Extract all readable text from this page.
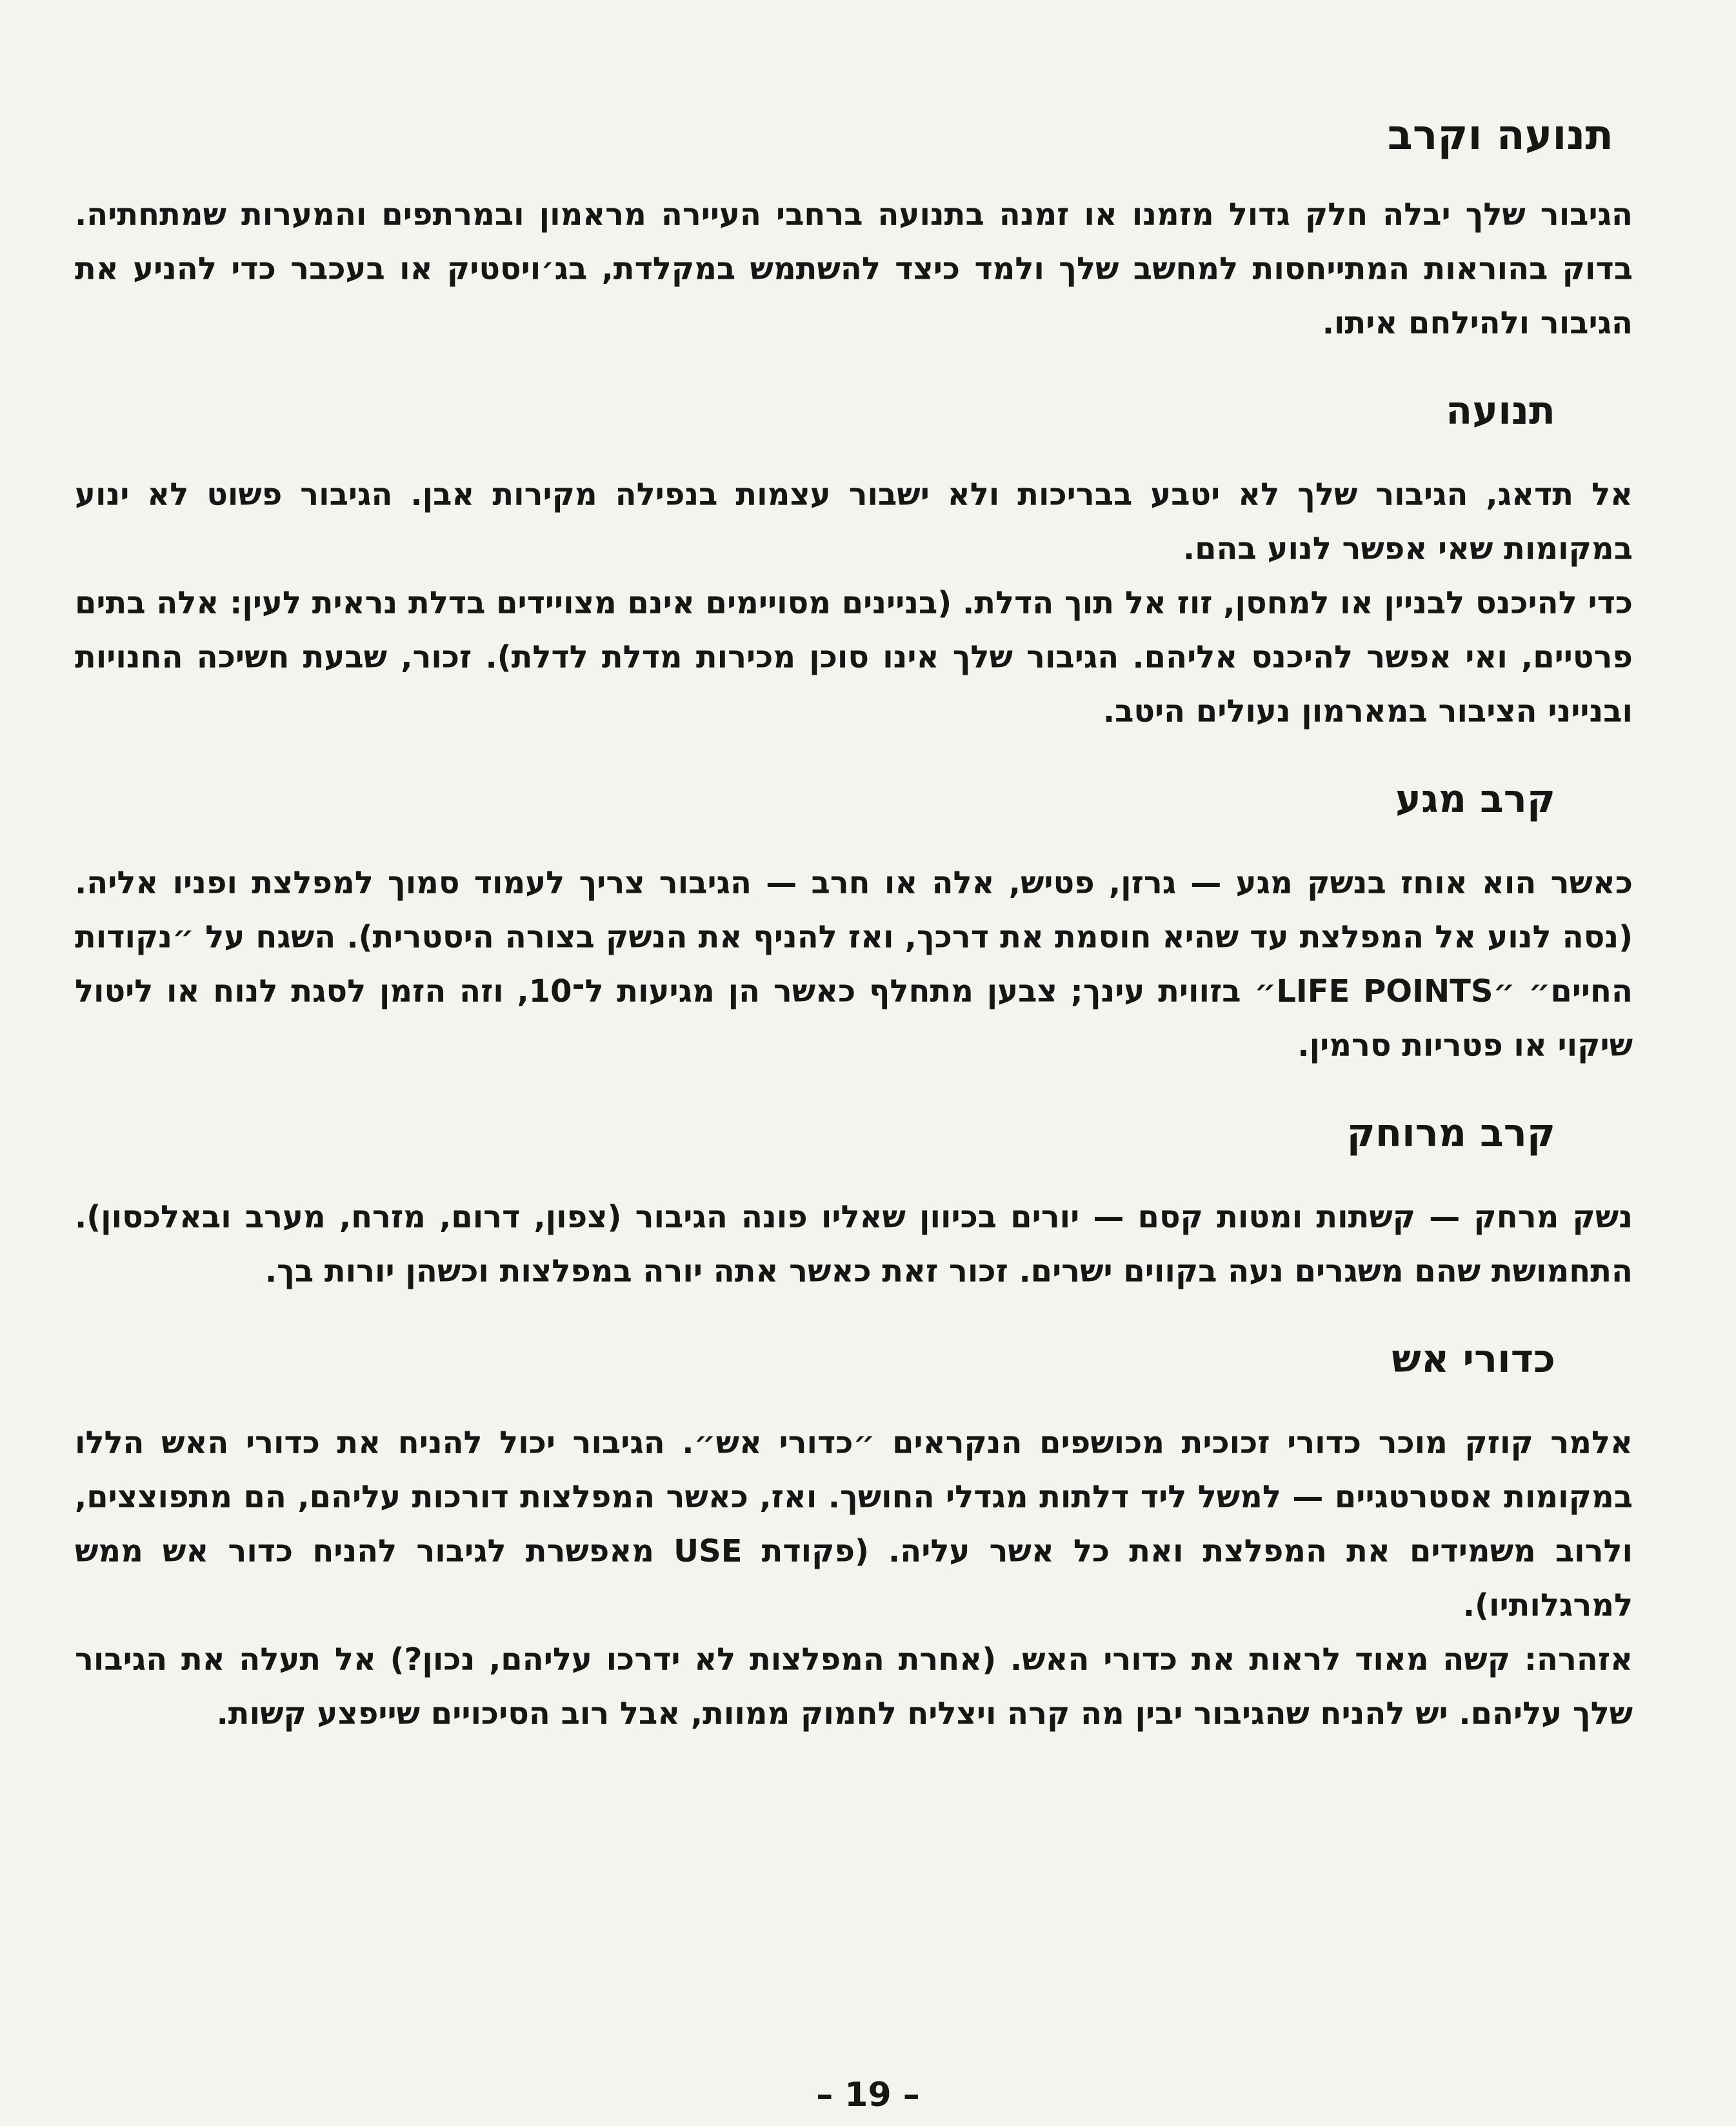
תנועה וקרב

הגיבור שלך יבלה חלק גדול מזמנו או זמנה בתנועה ברחבי העיירה מראמון ובמרתפים והמערות שמתחתיה. בדוק בהוראות המתייחסות למחשב שלך ולמד כיצד להשתמש במקלדת, בג׳ויסטיק או בעכבר כדי להניע את הגיבור ולהילחם איתו.

תנועה

אל תדאג, הגיבור שלך לא יטבע בבריכות ולא ישבור עצמות בנפילה מקירות אבן. הגיבור פשוט לא ינוע במקומות שאי אפשר לנוע בהם.

כדי להיכנס לבניין או למחסן, זוז אל תוך הדלת. (בניינים מסויימים אינם מצויידים בדלת נראית לעין: אלה בתים פרטיים, ואי אפשר להיכנס אליהם. הגיבור שלך אינו סוכן מכירות מדלת לדלת). זכור, שבעת חשיכה החנויות ובנייני הציבור במארמון נעולים היטב.

קרב מגע

כאשר הוא אוחז בנשק מגע — גרזן, פטיש, אלה או חרב — הגיבור צריך לעמוד סמוך למפלצת ופניו אליה. (נסה לנוע אל המפלצת עד שהיא חוסמת את דרכך, ואז להניף את הנשק בצורה היסטרית). השגח על ״נקודות החיים״ ״LIFE POINTS״ בזווית עינך; צבען מתחלף כאשר הן מגיעות ל־10, וזה הזמן לסגת לנוח או ליטול שיקוי או פטריות סרמין.

קרב מרוחק

נשק מרחק — קשתות ומטות קסם — יורים בכיוון שאליו פונה הגיבור (צפון, דרום, מזרח, מערב ובאלכסון). התחמושת שהם משגרים נעה בקווים ישרים. זכור זאת כאשר אתה יורה במפלצות וכשהן יורות בך.

כדורי אש

אלמר קוזק מוכר כדורי זכוכית מכושפים הנקראים ״כדורי אש״. הגיבור יכול להניח את כדורי האש הללו במקומות אסטרטגיים — למשל ליד דלתות מגדלי החושך. ואז, כאשר המפלצות דורכות עליהם, הם מתפוצצים, ולרוב משמידים את המפלצת ואת כל אשר עליה. (פקודת USE מאפשרת לגיבור להניח כדור אש ממש למרגלותיו).

אזהרה: קשה מאוד לראות את כדורי האש. (אחרת המפלצות לא ידרכו עליהם, נכון?) אל תעלה את הגיבור שלך עליהם. יש להניח שהגיבור יבין מה קרה ויצליח לחמוק ממוות, אבל רוב הסיכויים שייפצע קשות.

– 19 –
